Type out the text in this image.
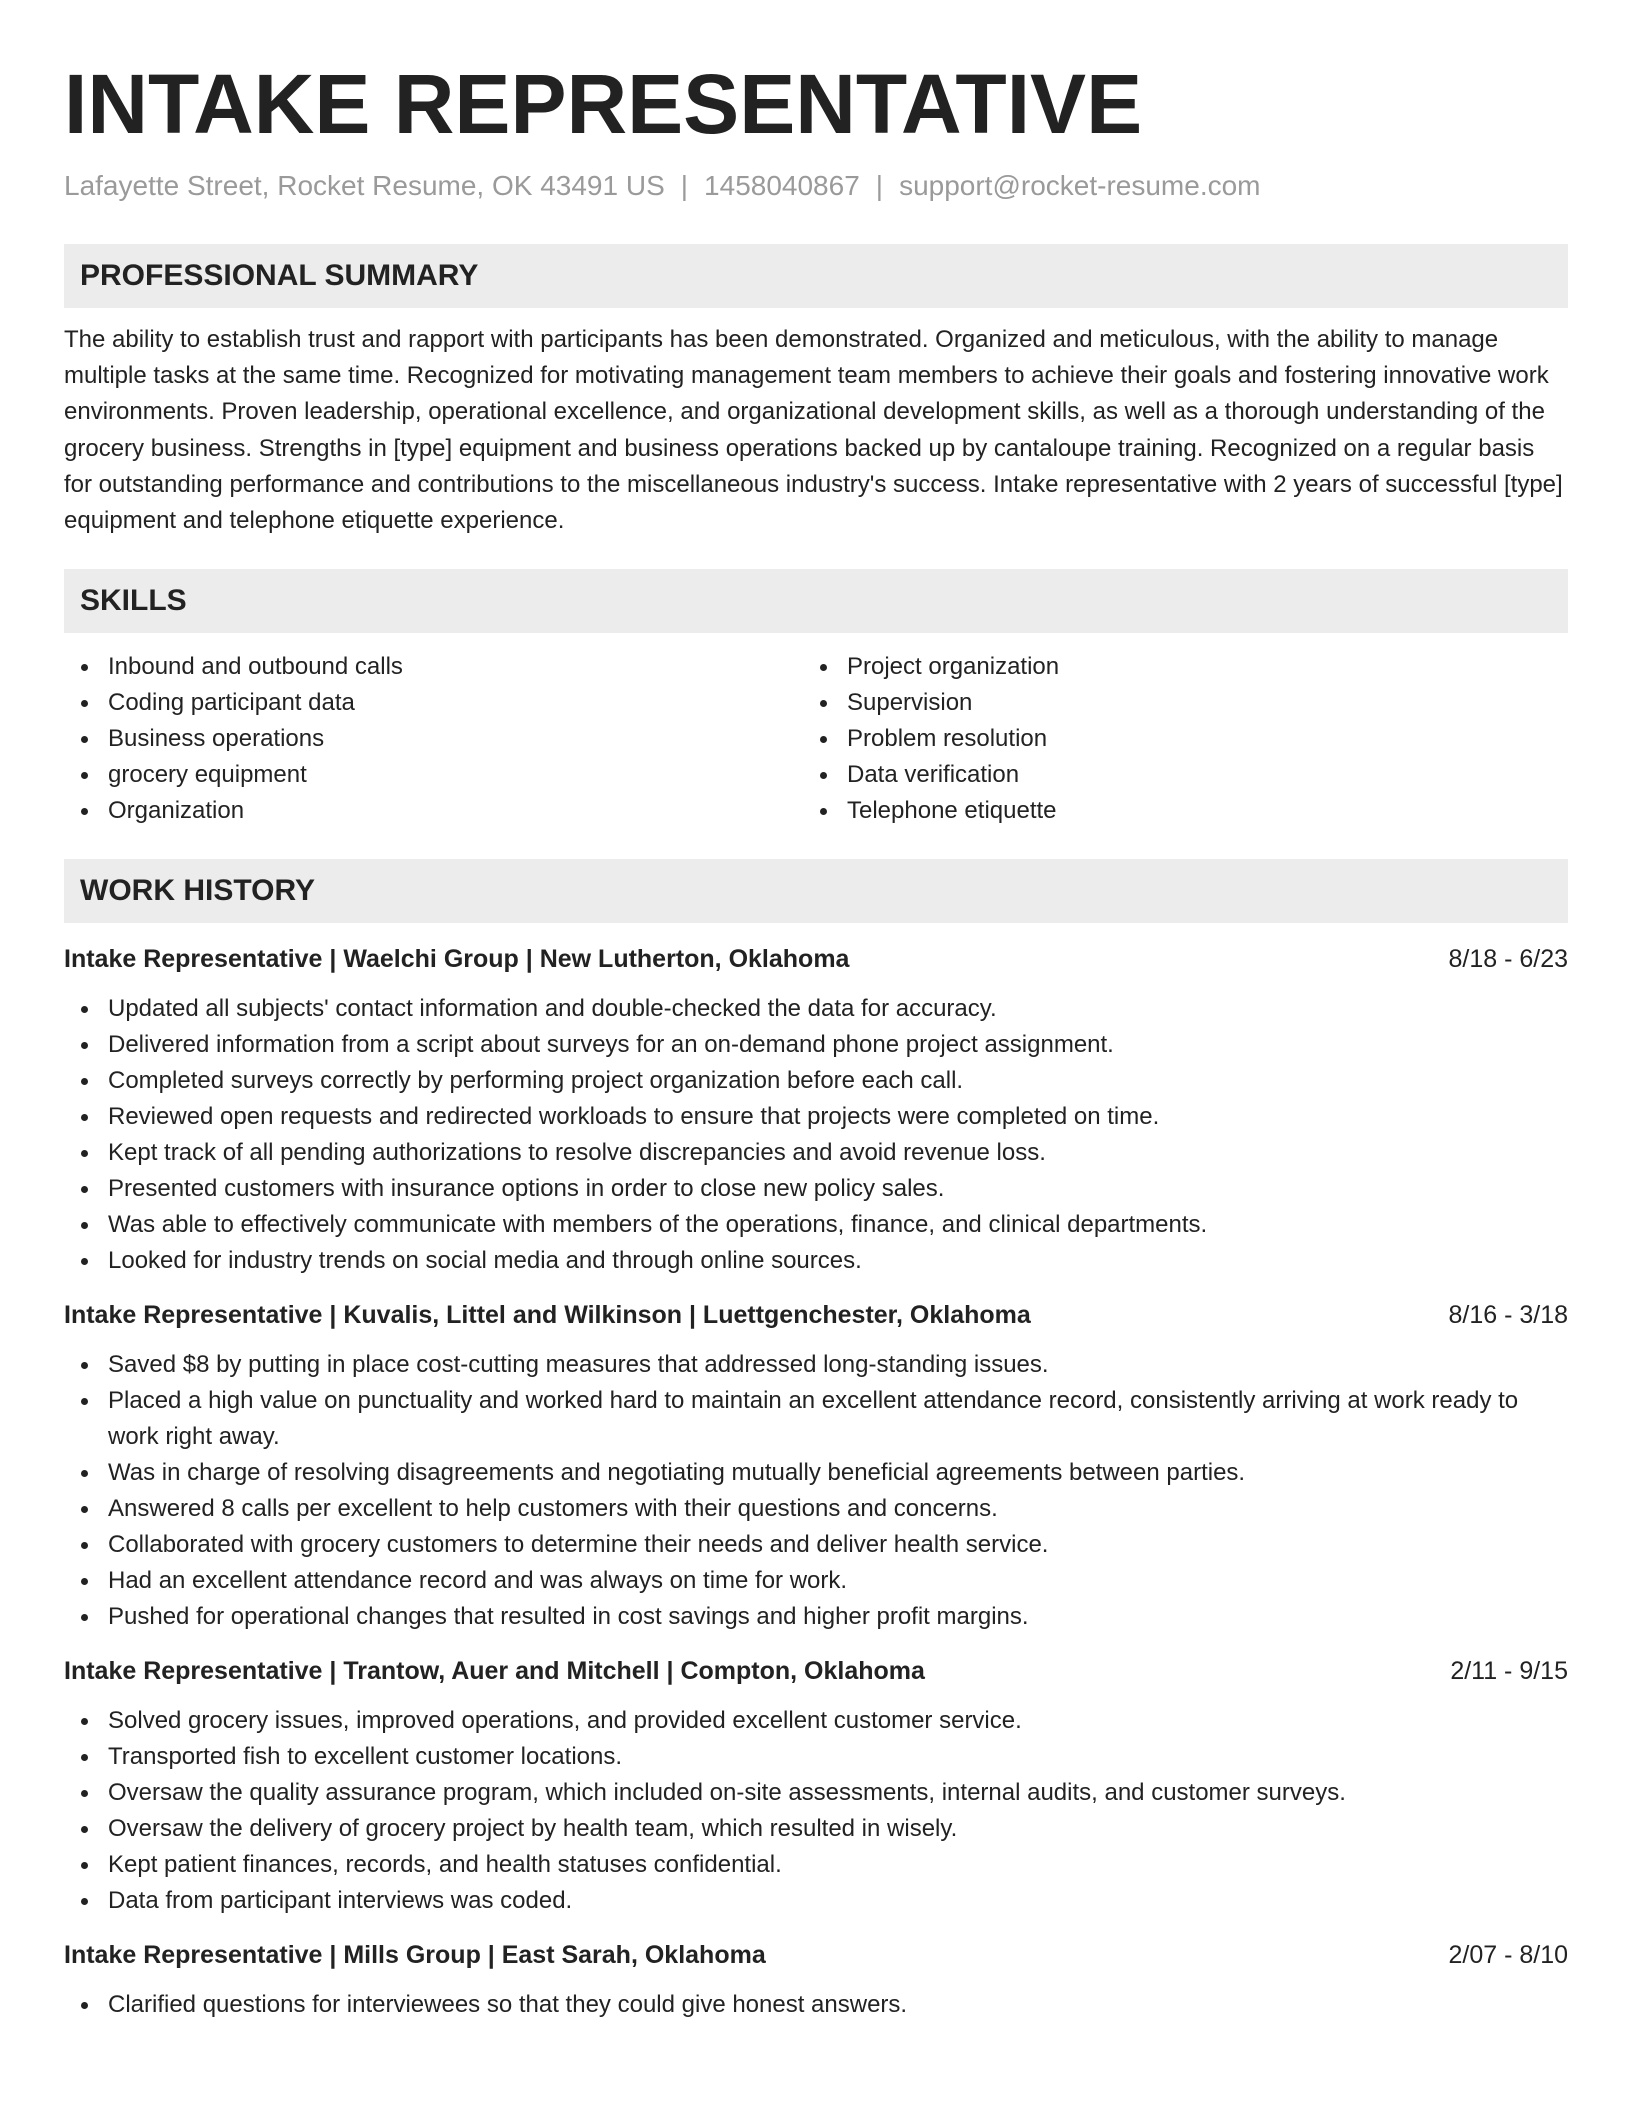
INTAKE REPRESENTATIVE
Lafayette Street, Rocket Resume, OK 43491 US | 1458040867 | support@rocket-resume.com
PROFESSIONAL SUMMARY

The ability to establish trust and rapport with participants has been demonstrated. Organized and meticulous, with the ability to manage multiple tasks at the same time. Recognized for motivating management team members to achieve their goals and fostering innovative work environments. Proven leadership, operational excellence, and organizational development skills, as well as a thorough understanding of the grocery business. Strengths in [type] equipment and business operations backed up by cantaloupe training. Recognized on a regular basis for outstanding performance and contributions to the miscellaneous industry's success. Intake representative with 2 years of successful [type] equipment and telephone etiquette experience.

SKILLS
Inbound and outbound calls
Coding participant data
Business operations
grocery equipment
Organization
Project organization
Supervision
Problem resolution
Data verification
Telephone etiquette
WORK HISTORY
Intake Representative | Waelchi Group | New Lutherton, Oklahoma	8/18 - 6/23
Updated all subjects' contact information and double-checked the data for accuracy.
Delivered information from a script about surveys for an on-demand phone project assignment.
Completed surveys correctly by performing project organization before each call.
Reviewed open requests and redirected workloads to ensure that projects were completed on time.
Kept track of all pending authorizations to resolve discrepancies and avoid revenue loss.
Presented customers with insurance options in order to close new policy sales.
Was able to effectively communicate with members of the operations, finance, and clinical departments.
Looked for industry trends on social media and through online sources.
Intake Representative | Kuvalis, Littel and Wilkinson | Luettgenchester, Oklahoma	8/16 - 3/18
Saved $8 by putting in place cost-cutting measures that addressed long-standing issues.
Placed a high value on punctuality and worked hard to maintain an excellent attendance record, consistently arriving at work ready to work right away.
Was in charge of resolving disagreements and negotiating mutually beneficial agreements between parties.
Answered 8 calls per excellent to help customers with their questions and concerns.
Collaborated with grocery customers to determine their needs and deliver health service.
Had an excellent attendance record and was always on time for work.
Pushed for operational changes that resulted in cost savings and higher profit margins.
Intake Representative | Trantow, Auer and Mitchell | Compton, Oklahoma	2/11 - 9/15
Solved grocery issues, improved operations, and provided excellent customer service.
Transported fish to excellent customer locations.
Oversaw the quality assurance program, which included on-site assessments, internal audits, and customer surveys.
Oversaw the delivery of grocery project by health team, which resulted in wisely.
Kept patient finances, records, and health statuses confidential.
Data from participant interviews was coded.
Intake Representative | Mills Group | East Sarah, Oklahoma	2/07 - 8/10
Clarified questions for interviewees so that they could give honest answers.
